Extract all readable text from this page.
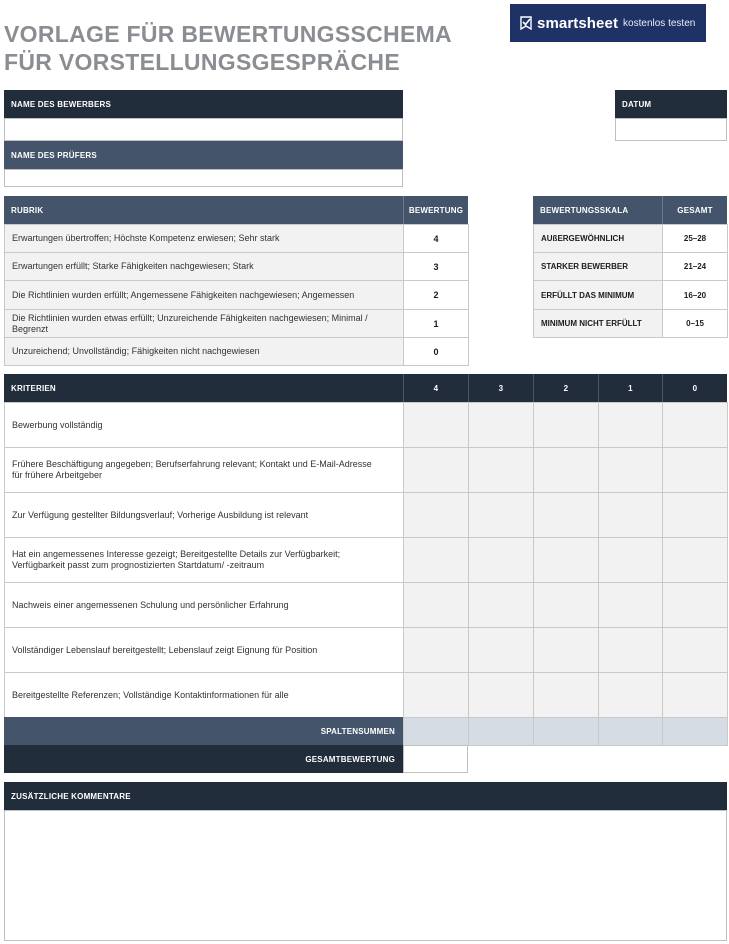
VORLAGE FÜR BEWERTUNGSSCHEMA FÜR VORSTELLUNGSGESPRÄCHE
smartsheet kostenlos testen
NAME DES BEWERBERS	DATUM
NAME DES PRÜFERS
RUBRIK	BEWERTUNG
Erwartungen übertroffen; Höchste Kompetenz erwiesen; Sehr stark	4
Erwartungen erfüllt; Starke Fähigkeiten nachgewiesen; Stark	3
Die Richtlinien wurden erfüllt; Angemessene Fähigkeiten nachgewiesen; Angemessen	2
Die Richtlinien wurden etwas erfüllt; Unzureichende Fähigkeiten nachgewiesen; Minimal / Begrenzt	1
Unzureichend; Unvollständig; Fähigkeiten nicht nachgewiesen	0
BEWERTUNGSSKALA	GESAMT
AUßERGEWÖHNLICH	25–28
STARKER BEWERBER	21–24
ERFÜLLT DAS MINIMUM	16–20
MINIMUM NICHT ERFÜLLT	0–15
KRITERIEN	4	3	2	1	0
Bewerbung vollständig					
Frühere Beschäftigung angegeben; Berufserfahrung relevant; Kontakt und E-Mail-Adresse für frühere Arbeitgeber					
Zur Verfügung gestellter Bildungsverlauf; Vorherige Ausbildung ist relevant					
Hat ein angemessenes Interesse gezeigt; Bereitgestellte Details zur Verfügbarkeit; Verfügbarkeit passt zum prognostizierten Startdatum/ -zeitraum					
Nachweis einer angemessenen Schulung und persönlicher Erfahrung					
Vollständiger Lebenslauf bereitgestellt; Lebenslauf zeigt Eignung für Position					
Bereitgestellte Referenzen; Vollständige Kontaktinformationen für alle					
SPALTENSUMMEN

GESAMTBEWERTUNG
ZUSÄTZLICHE KOMMENTARE
